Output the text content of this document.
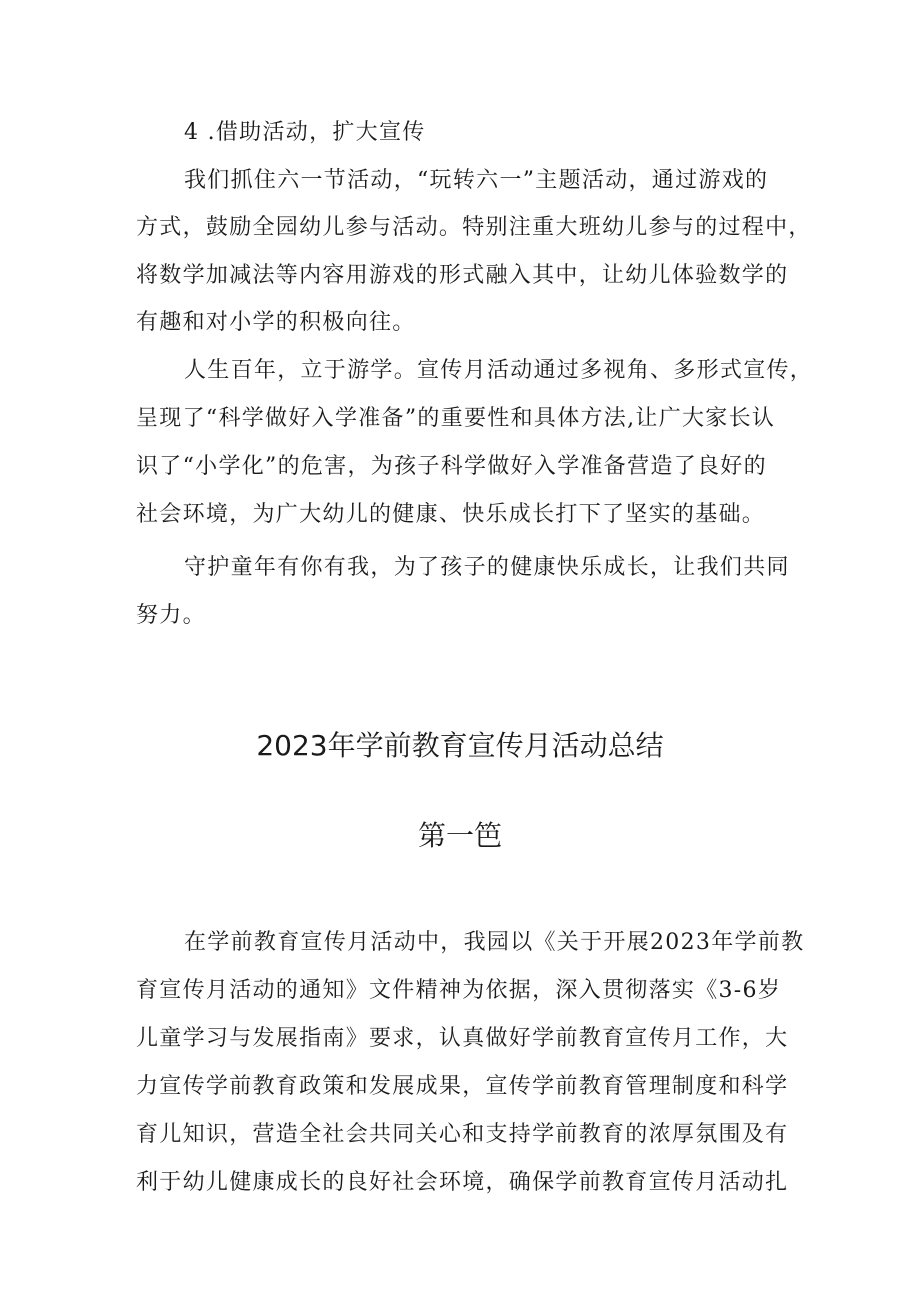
4 .借助活动，扩大宣传
我们抓住六一节活动，“玩转六一”主题活动，通过游戏的
方式，鼓励全园幼儿参与活动。特别注重大班幼儿参与的过程中，
将数学加减法等内容用游戏的形式融入其中，让幼儿体验数学的
有趣和对小学的积极向往。
人生百年，立于游学。宣传月活动通过多视角、多形式宣传，
呈现了“科学做好入学准备”的重要性和具体方法,让广大家长认
识了“小学化”的危害，为孩子科学做好入学准备营造了良好的
社会环境，为广大幼儿的健康、快乐成长打下了坚实的基础。
守护童年有你有我，为了孩子的健康快乐成长，让我们共同
努力。
2023年学前教育宣传月活动总结
第一笆
在学前教育宣传月活动中，我园以《关于开展2023年学前教
育宣传月活动的通知》文件精神为依据，深入贯彻落实《3-6岁
儿童学习与发展指南》要求，认真做好学前教育宣传月工作，大
力宣传学前教育政策和发展成果，宣传学前教育管理制度和科学
育儿知识，营造全社会共同关心和支持学前教育的浓厚氛围及有
利于幼儿健康成长的良好社会环境，确保学前教育宣传月活动扎
